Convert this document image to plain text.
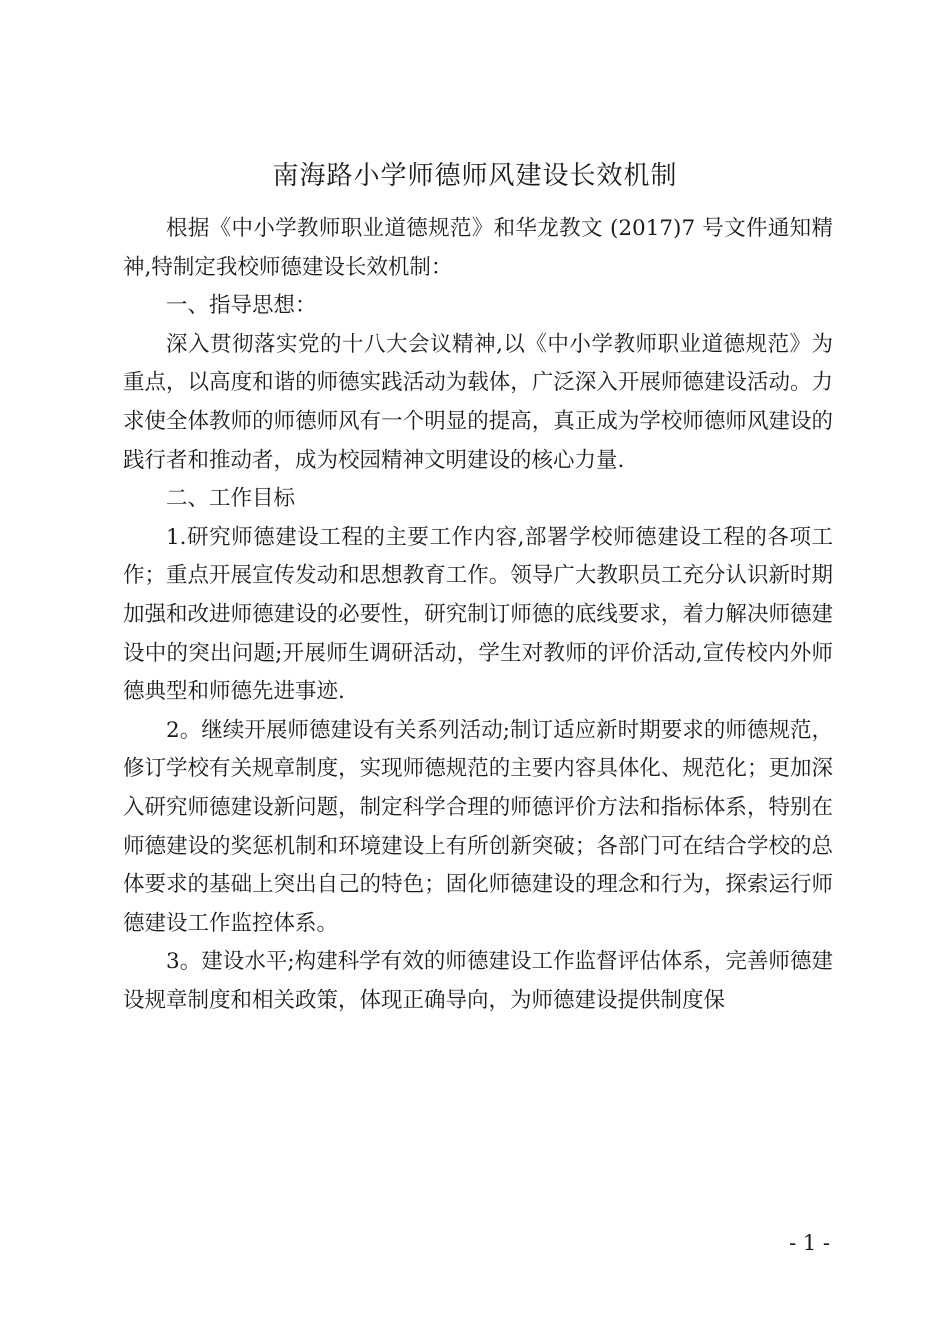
南海路小学师德师风建设长效机制

根据《中小学教师职业道德规范》和华龙教文 (2017)7 号文件通知精神,特制定我校师德建设长效机制：

一、指导思想：

深入贯彻落实党的十八大会议精神,以《中小学教师职业道德规范》为重点，以高度和谐的师德实践活动为载体，广泛深入开展师德建设活动。力求使全体教师的师德师风有一个明显的提高，真正成为学校师德师风建设的践行者和推动者，成为校园精神文明建设的核心力量.

二、工作目标

1.研究师德建设工程的主要工作内容,部署学校师德建设工程的各项工作；重点开展宣传发动和思想教育工作。领导广大教职员工充分认识新时期加强和改进师德建设的必要性，研究制订师德的底线要求，着力解决师德建设中的突出问题;开展师生调研活动，学生对教师的评价活动,宣传校内外师德典型和师德先进事迹.

2。继续开展师德建设有关系列活动;制订适应新时期要求的师德规范，修订学校有关规章制度，实现师德规范的主要内容具体化、规范化；更加深入研究师德建设新问题，制定科学合理的师德评价方法和指标体系，特别在师德建设的奖惩机制和环境建设上有所创新突破；各部门可在结合学校的总体要求的基础上突出自己的特色；固化师德建设的理念和行为，探索运行师德建设工作监控体系。

3。建设水平;构建科学有效的师德建设工作监督评估体系，完善师德建设规章制度和相关政策，体现正确导向，为师德建设提供制度保

- 1 -
